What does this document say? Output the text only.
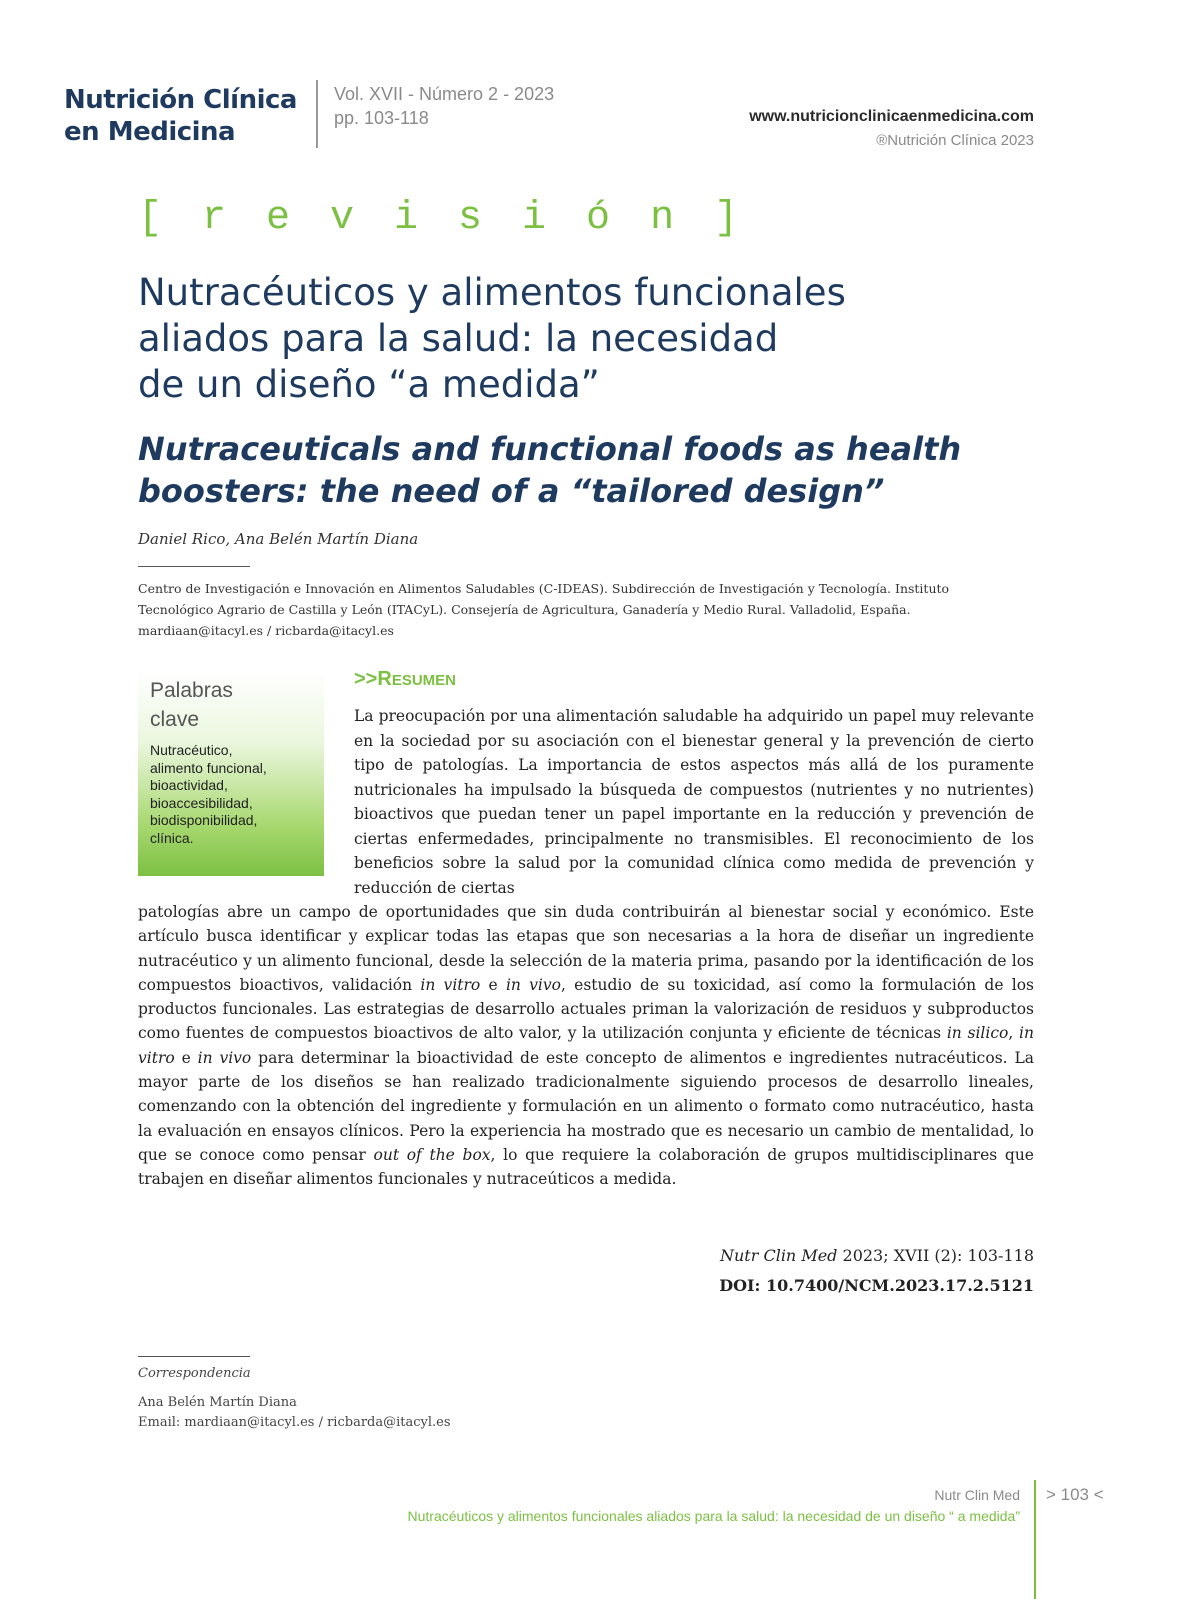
Nutrición Clínica
en Medicina
Vol. XVII - Número 2 - 2023
pp. 103-118	www.nutricionclinicaenmedicina.com
®Nutrición Clínica 2023
[ r e v i s i ó n ]
Nutracéuticos y alimentos funcionales
aliados para la salud: la necesidad
de un diseño “a medida”
Nutraceuticals and functional foods as health
boosters: the need of a “tailored design”
Daniel Rico, Ana Belén Martín Diana
Centro de Investigación e Innovación en Alimentos Saludables (C-IDEAS). Subdirección de Investigación y Tecnología. Instituto
Tecnológico Agrario de Castilla y León (ITACyL). Consejería de Agricultura, Ganadería y Medio Rural. Valladolid, España.
mardiaan@itacyl.es / ricbarda@itacyl.es
Palabras
clave
Nutracéutico,
alimento funcional,
bioactividad,
bioaccesibilidad,
biodisponibilidad,
clínica.
>>RESUMEN
La preocupación por una alimentación saludable ha adquirido un papel muy relevante en la sociedad por su asociación con el bienestar general y la prevención de cierto tipo de patologías. La importancia de estos aspectos más allá de los puramente nutricionales ha impulsado la búsqueda de compuestos (nutrientes y no nutrientes) bioactivos que puedan tener un papel importante en la reducción y prevención de ciertas enfermedades, principalmente no transmisibles. El reconocimiento de los beneficios sobre la salud por la comunidad clínica como medida de prevención y reducción de ciertas
patologías abre un campo de oportunidades que sin duda contribuirán al bienestar social y económico. Este artículo busca identificar y explicar todas las etapas que son necesarias a la hora de diseñar un ingrediente nutracéutico y un alimento funcional, desde la selección de la materia prima, pasando por la identificación de los compuestos bioactivos, validación in vitro e in vivo, estudio de su toxicidad, así como la formulación de los productos funcionales. Las estrategias de desarrollo actuales priman la valorización de residuos y subproductos como fuentes de compuestos bioactivos de alto valor, y la utilización conjunta y eficiente de técnicas in silico, in vitro e in vivo para determinar la bioactividad de este concepto de alimentos e ingredientes nutracéuticos. La mayor parte de los diseños se han realizado tradicionalmente siguiendo procesos de desarrollo lineales, comenzando con la obtención del ingrediente y formulación en un alimento o formato como nutracéutico, hasta la evaluación en ensayos clínicos. Pero la experiencia ha mostrado que es necesario un cambio de mentalidad, lo que se conoce como pensar out of the box, lo que requiere la colaboración de grupos multidisciplinares que trabajen en diseñar alimentos funcionales y nutraceúticos a medida.
Nutr Clin Med 2023; XVII (2): 103-118
DOI: 10.7400/NCM.2023.17.2.5121
Correspondencia
Ana Belén Martín Diana
Email: mardiaan@itacyl.es / ricbarda@itacyl.es
Nutr Clin Med
Nutracéuticos y alimentos funcionales aliados para la salud: la necesidad de un diseño “ a medida”
> 103 <
